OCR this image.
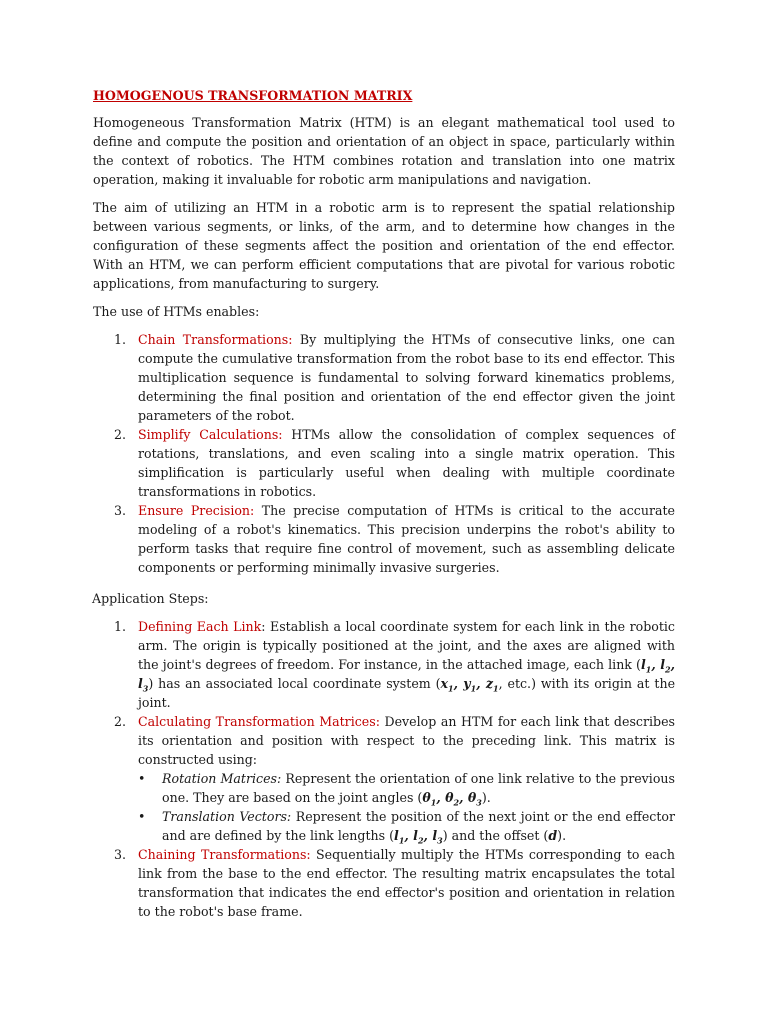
HOMOGENOUS TRANSFORMATION MATRIX

Homogeneous Transformation Matrix (HTM) is an elegant mathematical tool used to define and compute the position and orientation of an object in space, particularly within the context of robotics. The HTM combines rotation and translation into one matrix operation, making it invaluable for robotic arm manipulations and navigation.

The aim of utilizing an HTM in a robotic arm is to represent the spatial relationship between various segments, or links, of the arm, and to determine how changes in the configuration of these segments affect the position and orientation of the end effector. With an HTM, we can perform efficient computations that are pivotal for various robotic applications, from manufacturing to surgery.

The use of HTMs enables:
1. Chain Transformations: By multiplying the HTMs of consecutive links, one can compute the cumulative transformation from the robot base to its end effector. This multiplication sequence is fundamental to solving forward kinematics problems, determining the final position and orientation of the end effector given the joint parameters of the robot.
2. Simplify Calculations: HTMs allow the consolidation of complex sequences of rotations, translations, and even scaling into a single matrix operation. This simplification is particularly useful when dealing with multiple coordinate transformations in robotics.
3. Ensure Precision: The precise computation of HTMs is critical to the accurate modeling of a robot's kinematics. This precision underpins the robot's ability to perform tasks that require fine control of movement, such as assembling delicate components or performing minimally invasive surgeries.
Application Steps:
1. Defining Each Link: Establish a local coordinate system for each link in the robotic arm. The origin is typically positioned at the joint, and the axes are aligned with the joint's degrees of freedom. For instance, in the attached image, each link ($l_1$, $l_2$, $l_3$) has an associated local coordinate system ($x_1$, $y_1$, $z_1$, etc.) with its origin at the joint.
2. Calculating Transformation Matrices: Develop an HTM for each link that describes its orientation and position with respect to the preceding link. This matrix is constructed using:
• Rotation Matrices: Represent the orientation of one link relative to the previous one. They are based on the joint angles ($\theta_1$, $\theta_2$, $\theta_3$).
• Translation Vectors: Represent the position of the next joint or the end effector and are defined by the link lengths ($l_1$, $l_2$, $l_3$) and the offset (d).
3. Chaining Transformations: Sequentially multiply the HTMs corresponding to each link from the base to the end effector. The resulting matrix encapsulates the total transformation that indicates the end effector's position and orientation in relation to the robot's base frame.
